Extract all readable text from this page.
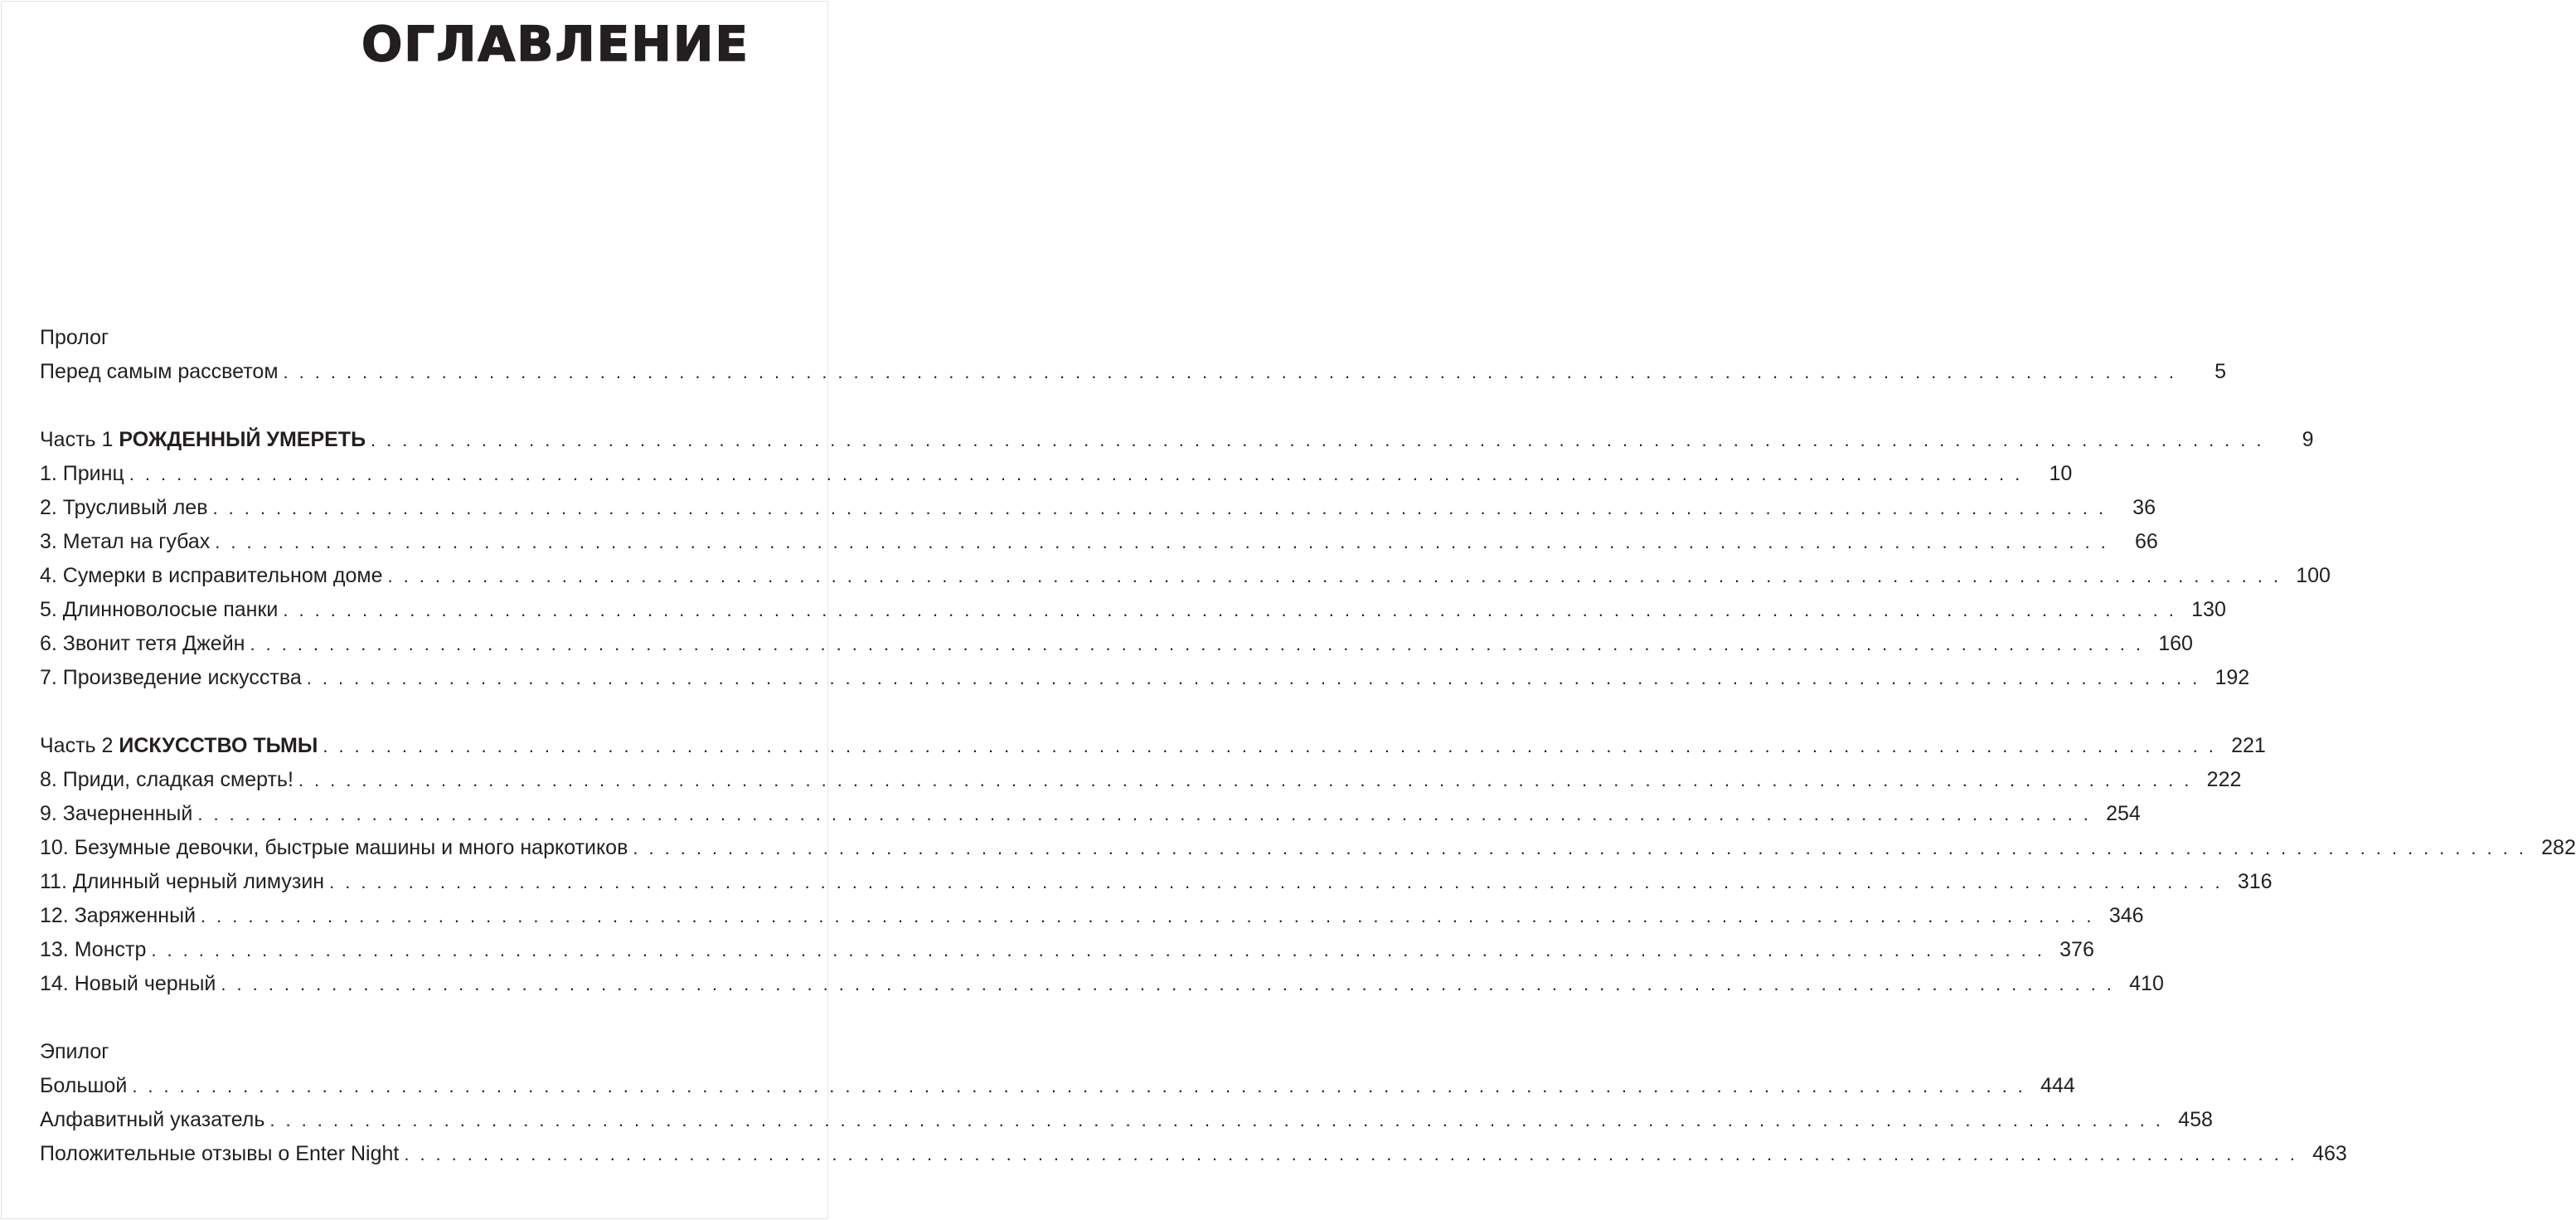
ОГЛАВЛЕНИЕ
Пролог
Перед самым рассветом ........................................................................................................................	5
Часть 1 РОЖДЕННЫЙ УМЕРЕТЬ ........................................................................................................................	9
1. Принц ........................................................................................................................ 10
2. Трусливый лев ........................................................................................................................ 36
3. Метал на губах ........................................................................................................................ 66
4. Сумерки в исправительном доме ........................................................................................................................ 100
5. Длинноволосые панки ........................................................................................................................ 130
6. Звонит тетя Джейн ........................................................................................................................ 160
7. Произведение искусства ........................................................................................................................ 192
Часть 2 ИСКУССТВО ТЬМЫ ........................................................................................................................ 221
8. Приди, сладкая смерть! ........................................................................................................................ 222
9. Зачерненный ........................................................................................................................ 254
10. Безумные девочки, быстрые машины и много наркотиков ........................................................................................................................ 282
11. Длинный черный лимузин ........................................................................................................................ 316
12. Заряженный ........................................................................................................................ 346
13. Монстр ........................................................................................................................ 376
14. Новый черный ........................................................................................................................ 410
Эпилог
Большой ........................................................................................................................ 444
Алфавитный указатель ........................................................................................................................ 458
Положительные отзывы о Enter Night ........................................................................................................................ 463
